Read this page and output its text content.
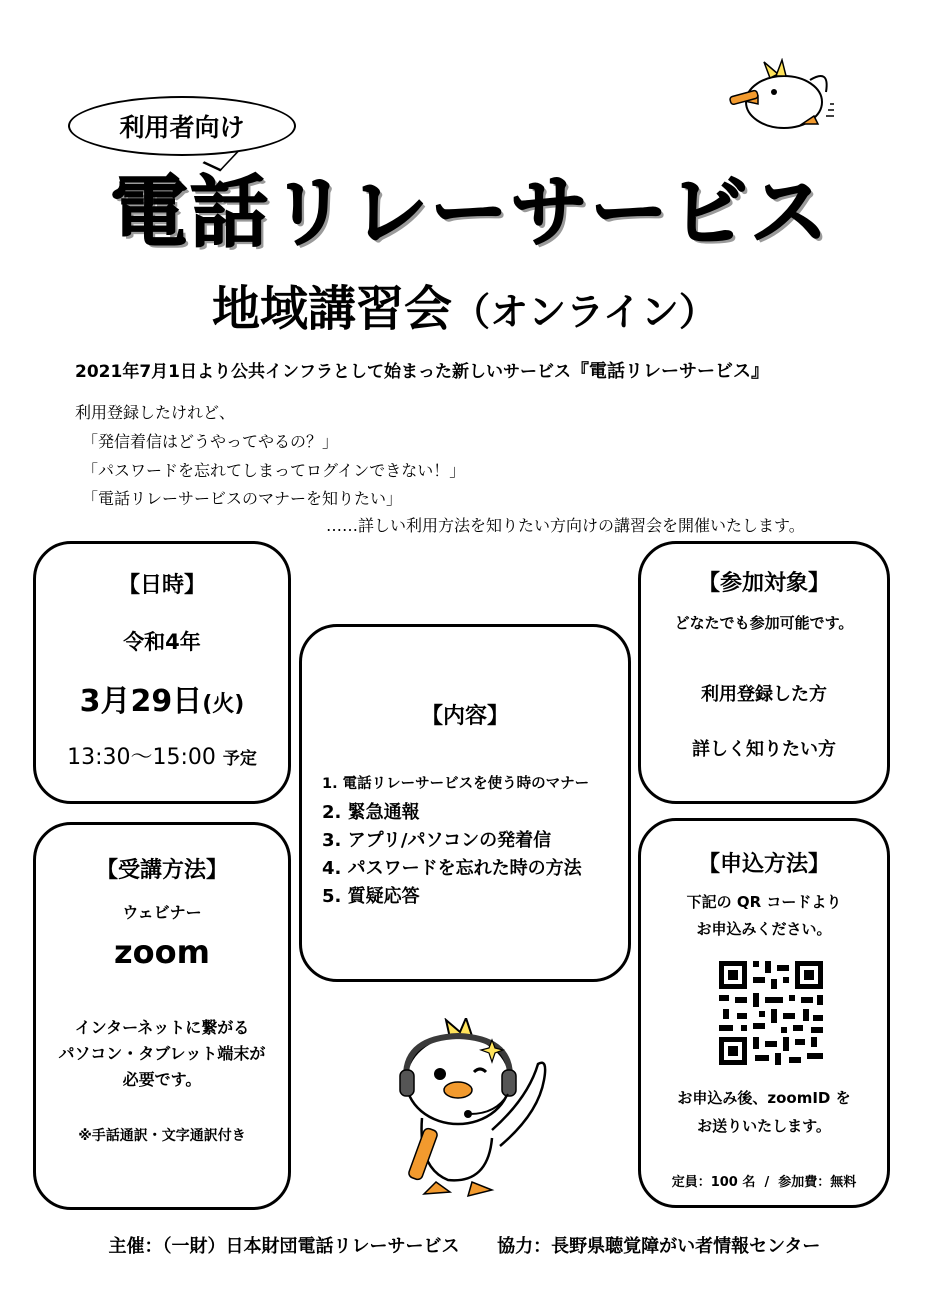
利用者向け
電話リレーサービス
地域講習会（オンライン）
2021年7月1日より公共インフラとして始まった新しいサービス『電話リレーサービス』
利用登録したけれど、
「発信着信はどうやってやるの？」
「パスワードを忘れてしまってログインできない！」
「電話リレーサービスのマナーを知りたい」
……詳しい利用方法を知りたい方向けの講習会を開催いたします。
【日時】
令和4年
3月29日(火)
13:30〜15:00 予定
【内容】
1. 電話リレーサービスを使う時のマナー
2. 緊急通報
3. アプリ/パソコンの発着信
4. パスワードを忘れた時の方法
5. 質疑応答
【参加対象】
どなたでも参加可能です。
利用登録した方
詳しく知りたい方
【受講方法】
ウェビナー
zoom
インターネットに繋がる
パソコン・タブレット端末が
必要です。
※手話通訳・文字通訳付き
【申込方法】
下記の QR コードより
お申込みください。
お申込み後、zoomID を
お送りいたします。
定員：100 名 / 参加費：無料
主催：（一財）日本財団電話リレーサービス 協力：長野県聴覚障がい者情報センター
